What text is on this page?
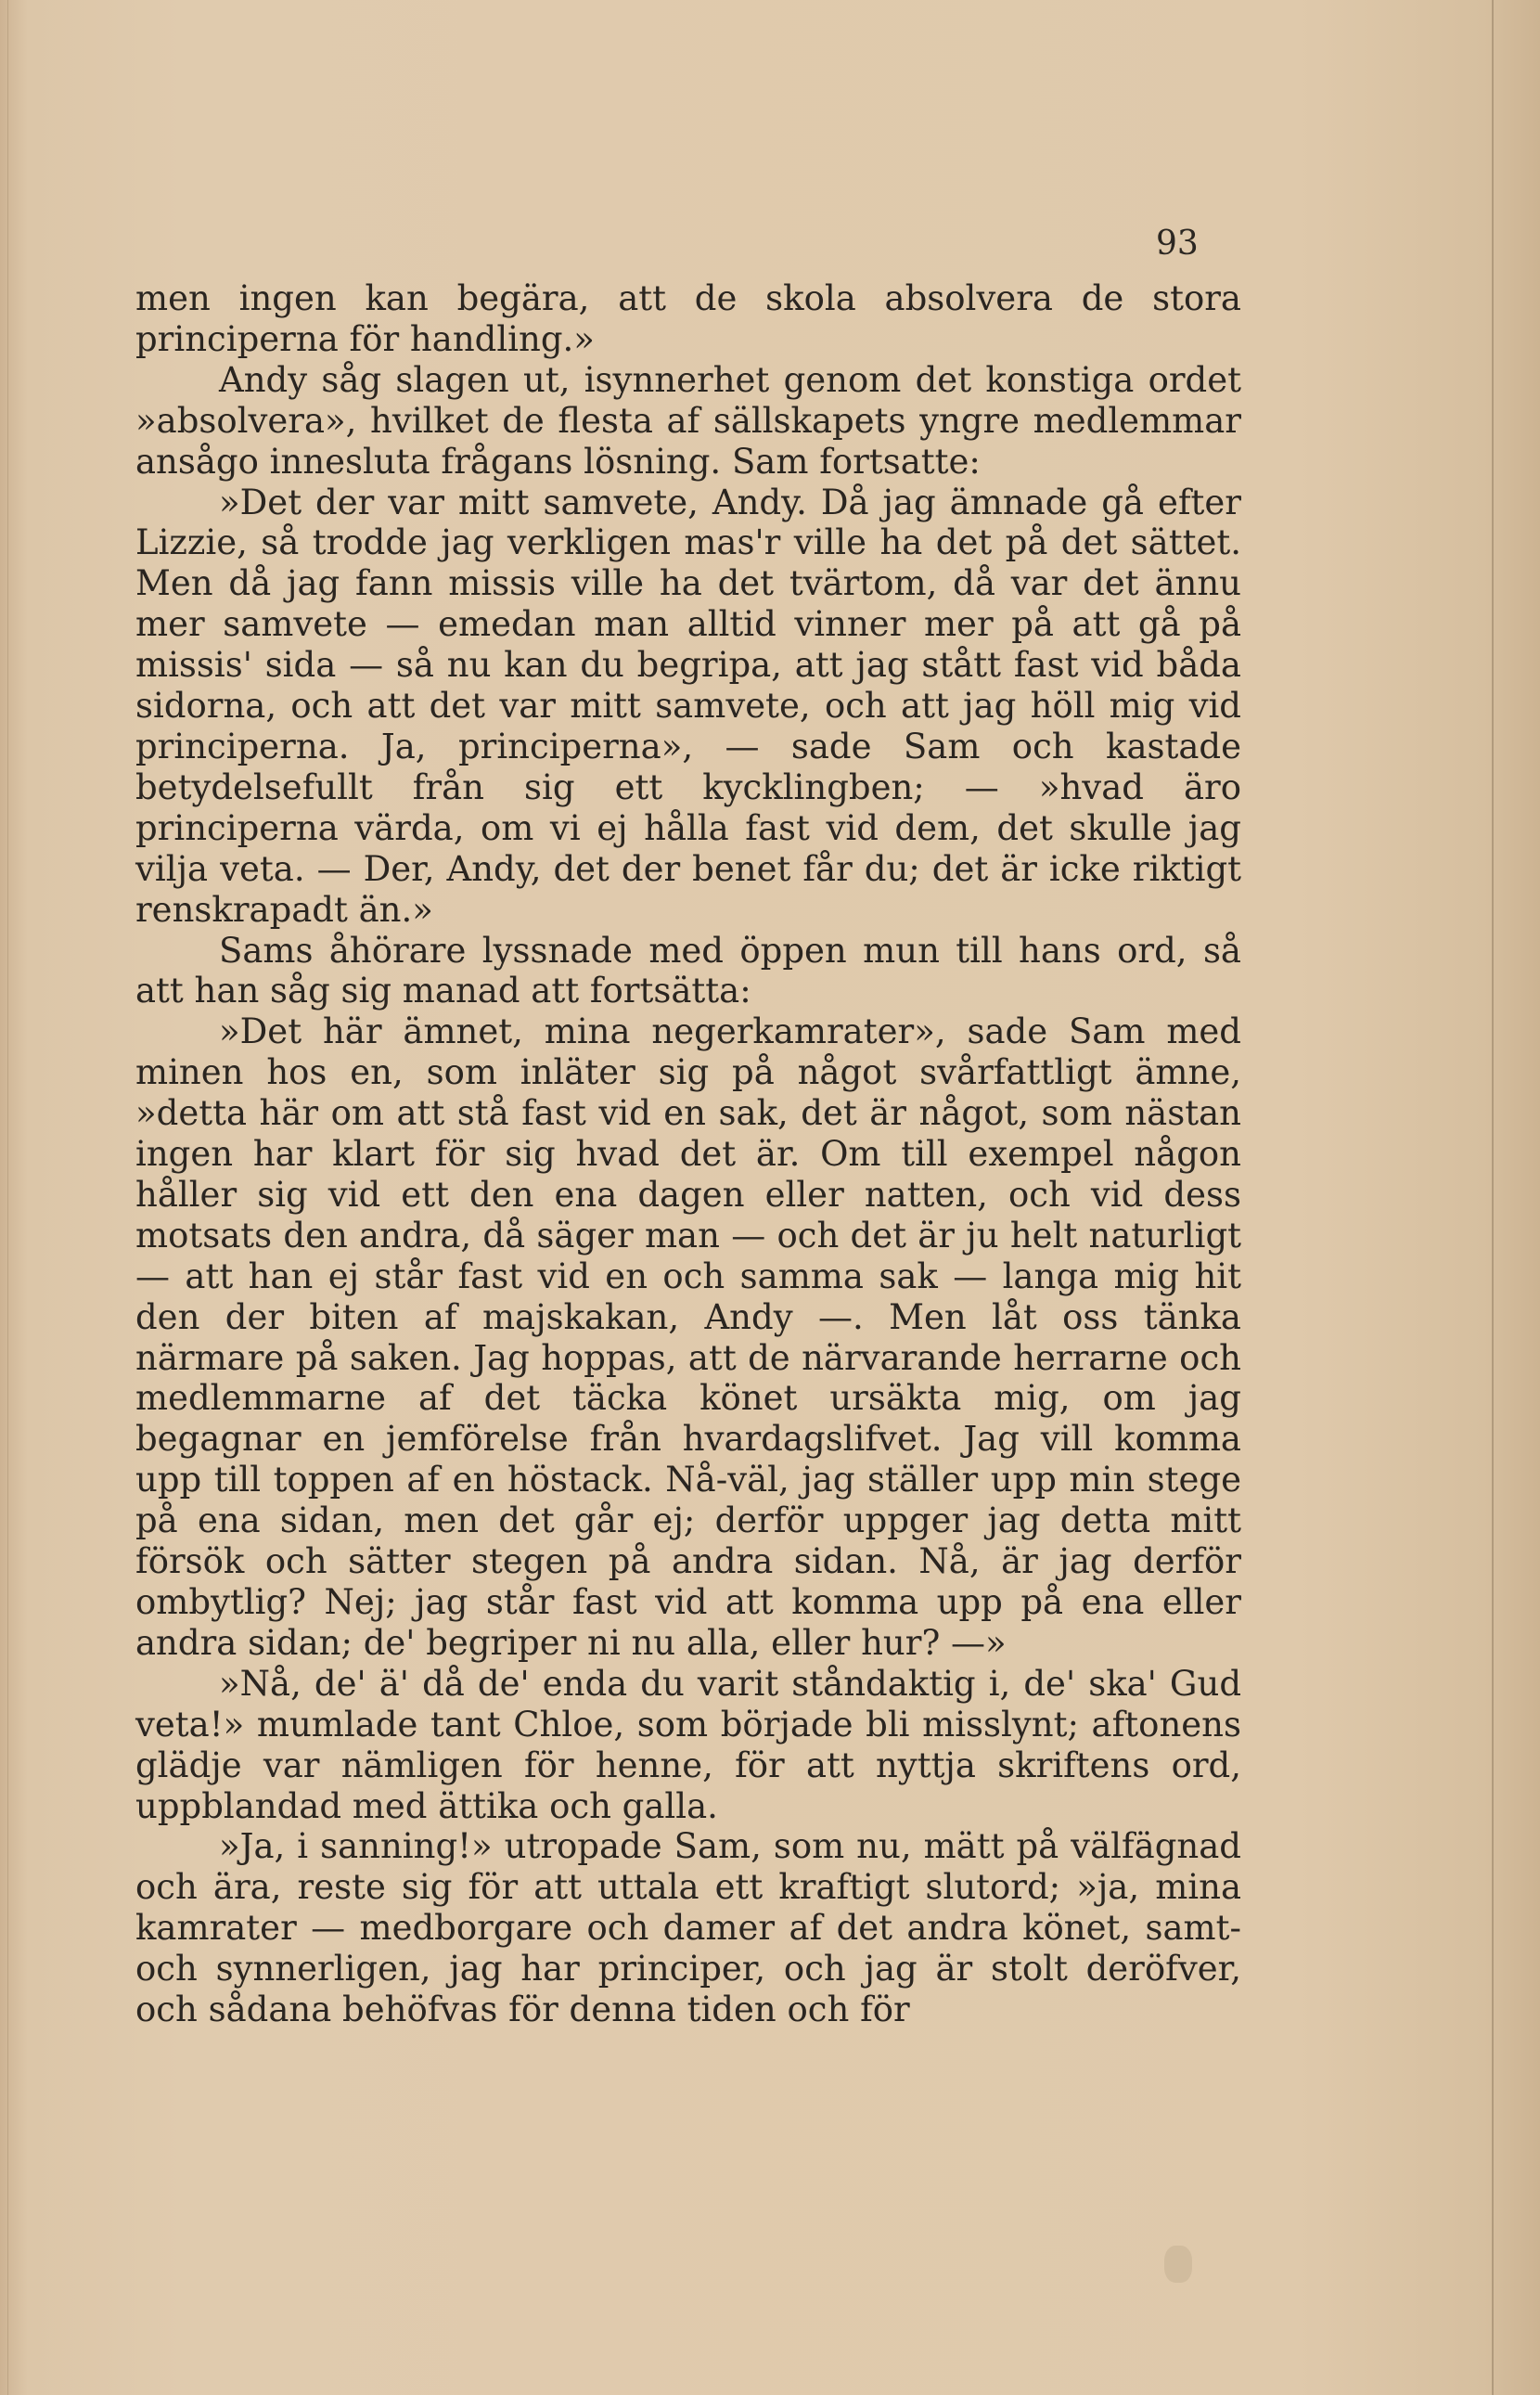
93

men ingen kan begära, att de skola absolvera de stora principerna för handling.»

Andy såg slagen ut, isynnerhet genom det konstiga ordet »absolvera», hvilket de flesta af sällskapets yngre medlemmar ansågo innesluta frågans lösning. Sam fortsatte:

»Det der var mitt samvete, Andy. Då jag ämnade gå efter Lizzie, så trodde jag verkligen mas'r ville ha det på det sättet. Men då jag fann missis ville ha det tvärtom, då var det ännu mer samvete — emedan man alltid vinner mer på att gå på missis' sida — så nu kan du begripa, att jag stått fast vid båda sidorna, och att det var mitt samvete, och att jag höll mig vid principerna. Ja, principerna», — sade Sam och kastade betydelsefullt från sig ett kycklingben; — »hvad äro principerna värda, om vi ej hålla fast vid dem, det skulle jag vilja veta. — Der, Andy, det der benet får du; det är icke riktigt renskrapadt än.»

Sams åhörare lyssnade med öppen mun till hans ord, så att han såg sig manad att fortsätta:

»Det här ämnet, mina negerkamrater», sade Sam med minen hos en, som inläter sig på något svårfattligt ämne, »detta här om att stå fast vid en sak, det är något, som nästan ingen har klart för sig hvad det är. Om till exempel någon håller sig vid ett den ena dagen eller natten, och vid dess motsats den andra, då säger man — och det är ju helt naturligt — att han ej står fast vid en och samma sak — langa mig hit den der biten af majskakan, Andy —. Men låt oss tänka närmare på saken. Jag hoppas, att de närvarande herrarne och medlemmarne af det täcka könet ursäkta mig, om jag begagnar en jemförelse från hvardagslifvet. Jag vill komma upp till toppen af en höstack. Nå-väl, jag ställer upp min stege på ena sidan, men det går ej; derför uppger jag detta mitt försök och sätter stegen på andra sidan. Nå, är jag derför ombytlig? Nej; jag står fast vid att komma upp på ena eller andra sidan; de' begriper ni nu alla, eller hur? —»

»Nå, de' ä' då de' enda du varit ståndaktig i, de' ska' Gud veta!» mumlade tant Chloe, som började bli misslynt; aftonens glädje var nämligen för henne, för att nyttja skriftens ord, uppblandad med ättika och galla.

»Ja, i sanning!» utropade Sam, som nu, mätt på välfägnad och ära, reste sig för att uttala ett kraftigt slutord; »ja, mina kamrater — medborgare och damer af det andra könet, samt- och synnerligen, jag har principer, och jag är stolt deröfver, och sådana behöfvas för denna tiden och för
